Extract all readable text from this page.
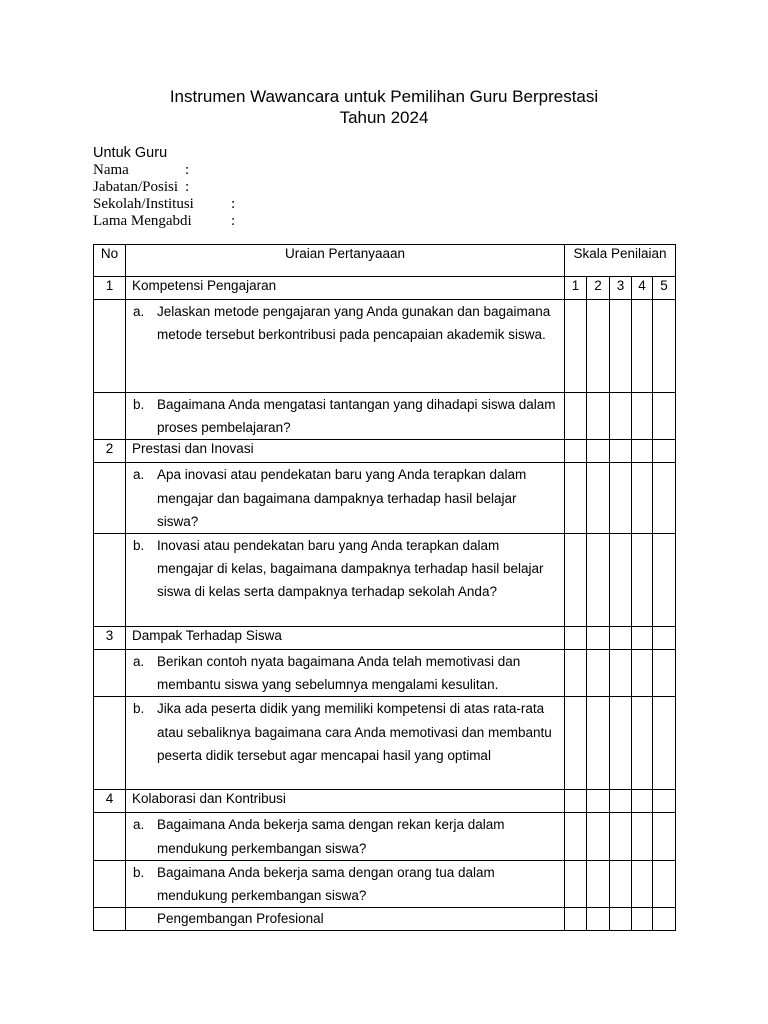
Instrumen Wawancara untuk Pemilihan Guru Berprestasi
Tahun 2024
Untuk Guru
Nama	:
Jabatan/Posisi :
Sekolah/Institusi :
Lama Mengabdi	:
No	Uraian Pertanyaaan	Skala Penilaian				
1	Kompetensi Pengajaran	1	2	3	4	5

	a. Jelaskan metode pengajaran yang Anda gunakan dan bagaimana metode tersebut berkontribusi pada pencapaian akademik siswa.					

	b. Bagaimana Anda mengatasi tantangan yang dihadapi siswa dalam proses pembelajaran?					

2	Prestasi dan Inovasi					

	a. Apa inovasi atau pendekatan baru yang Anda terapkan dalam mengajar dan bagaimana dampaknya terhadap hasil belajar siswa?					

	b. Inovasi atau pendekatan baru yang Anda terapkan dalam mengajar di kelas, bagaimana dampaknya terhadap hasil belajar siswa di kelas serta dampaknya terhadap sekolah Anda?					

3	Dampak Terhadap Siswa					

	a. Berikan contoh nyata bagaimana Anda telah memotivasi dan membantu siswa yang sebelumnya mengalami kesulitan.					

	b. Jika ada peserta didik yang memiliki kompetensi di atas rata-rata atau sebaliknya bagaimana cara Anda memotivasi dan membantu peserta didik tersebut agar mencapai hasil yang optimal					

4	Kolaborasi dan Kontribusi					

	a. Bagaimana Anda bekerja sama dengan rekan kerja dalam mendukung perkembangan siswa?					

	b. Bagaimana Anda bekerja sama dengan orang tua dalam mendukung perkembangan siswa?					

	Pengembangan Profesional					
